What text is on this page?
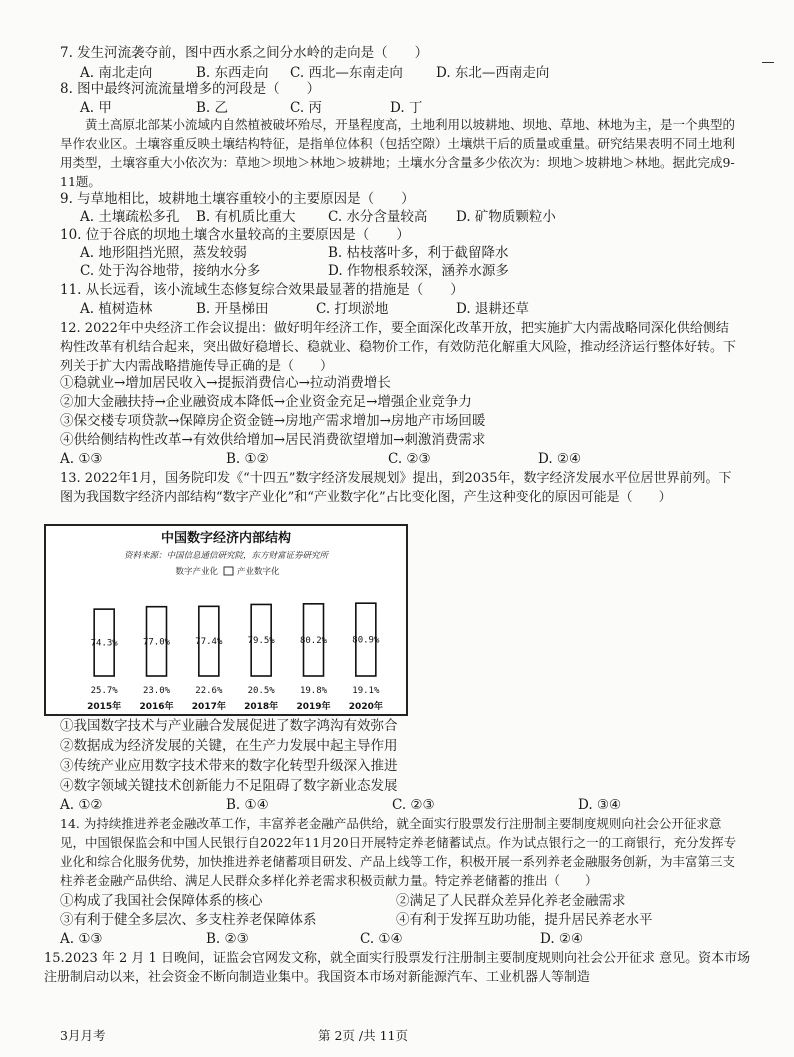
7. 发生河流袭夺前，图中西水系之间分水岭的走向是（　　）
A. 南北走向	B. 东西走向 C. 西北—东南走向 D. 东北—西南走向
8. 图中最终河流流量增多的河段是（　　）
A. 甲	B. 乙	C. 丙	D. 丁
黄土高原北部某小流域内自然植被破坏殆尽，开垦程度高，土地利用以坡耕地、坝地、草地、林地为主，是一个典型的旱作农业区。土壤容重反映土壤结构特征，是指单位体积（包括空隙）土壤烘干后的质量或重量。研究结果表明不同土地利用类型，土壤容重大小依次为：草地＞坝地＞林地＞坡耕地；土壤水分含量多少依次为：坝地＞坡耕地＞林地。据此完成9-11题。
9. 与草地相比，坡耕地土壤容重较小的主要原因是（　　）
A. 土壤疏松多孔 B. 有机质比重大 C. 水分含量较高 D. 矿物质颗粒小
10. 位于谷底的坝地土壤含水量较高的主要原因是（　　）
A. 地形阻挡光照，蒸发较弱	B. 枯枝落叶多，利于截留降水
C. 处于沟谷地带，接纳水分多	D. 作物根系较深，涵养水源多
11. 从长远看，该小流域生态修复综合效果最显著的措施是（　　）
A. 植树造林	B. 开垦梯田	C. 打坝淤地	D. 退耕还草
12. 2022年中央经济工作会议提出：做好明年经济工作，要全面深化改革开放，把实施扩大内需战略同深化供给侧结构性改革有机结合起来，突出做好稳增长、稳就业、稳物价工作，有效防范化解重大风险，推动经济运行整体好转。下列关于扩大内需战略措施传导正确的是（　　）
①稳就业→增加居民收入→提振消费信心→拉动消费增长
②加大金融扶持→企业融资成本降低→企业资金充足→增强企业竞争力
③保交楼专项贷款→保障房企资金链→房地产需求增加→房地产市场回暖
④供给侧结构性改革→有效供给增加→居民消费欲望增加→刺激消费需求
A. ①③	B. ①②	C. ②③	D. ②④
13. 2022年1月，国务院印发《“十四五”数字经济发展规划》提出，到2035年，数字经济发展水平位居世界前列。下图为我国数字经济内部结构“数字产业化”和“产业数字化”占比变化图，产生这种变化的原因可能是（　　）
中国数字经济内部结构
资料来源：中国信息通信研究院，东方财富证券研究所
数字产业化 产业数字化
74.3%
25.7%
2015年
77.0%
23.0%
2016年
77.4%
22.6%
2017年
79.5%
20.5%
2018年
80.2%
19.8%
2019年
80.9%
19.1%
2020年
①我国数字技术与产业融合发展促进了数字鸿沟有效弥合
②数据成为经济发展的关键，在生产力发展中起主导作用
③传统产业应用数字技术带来的数字化转型升级深入推进
④数字领域关键技术创新能力不足阻碍了数字新业态发展
A. ①②	B. ①④	C. ②③	D. ③④
14. 为持续推进养老金融改革工作，丰富养老金融产品供给，就全面实行股票发行注册制主要制度规则向社会公开征求意见，中国银保监会和中国人民银行自2022年11月20日开展特定养老储蓄试点。作为试点银行之一的工商银行，充分发挥专业化和综合化服务优势，加快推进养老储蓄项目研发、产品上线等工作，积极开展一系列养老金融服务创新，为丰富第三支柱养老金融产品供给、满足人民群众多样化养老需求积极贡献力量。特定养老储蓄的推出（　　）
①构成了我国社会保障体系的核心	②满足了人民群众差异化养老金融需求
③有利于健全多层次、多支柱养老保障体系	④有利于发挥互助功能，提升居民养老水平
A. ①③	B. ②③	C. ①④	D. ②④
15.2023 年 2 月 1 日晚间，证监会官网发文称，就全面实行股票发行注册制主要制度规则向社会公开征求 意见。资本市场注册制启动以来，社会资金不断向制造业集中。我国资本市场对新能源汽车、工业机器人等制造
3月月考	第 2页 /共 11页
